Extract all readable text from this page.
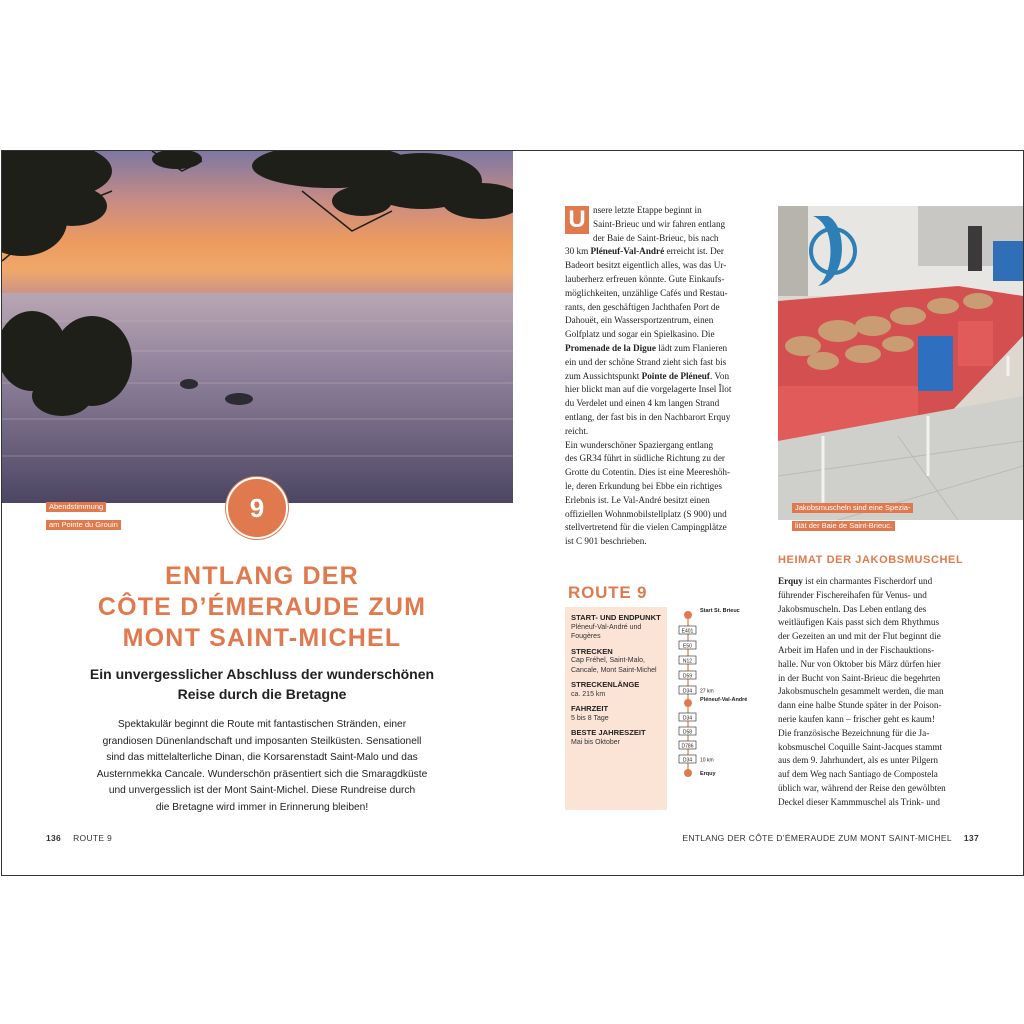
Abendstimmung
am Pointe du Grouin
9
ENTLANG DER
CÔTE D’ÉMERAUDE ZUM
MONT SAINT-MICHEL
Ein unvergesslicher Abschluss der wunderschönen
Reise durch die Bretagne
Spektakulär beginnt die Route mit fantastischen Stränden, einer
grandiosen Dünenlandschaft und imposanten Steilküsten. Sensationell
sind das mittelalterliche Dinan, die Korsarenstadt Saint-Malo und das
Austernmekka Cancale. Wunderschön präsentiert sich die Smaragdküste
und unvergesslich ist der Mont Saint-Michel. Diese Rundreise durch
die Bretagne wird immer in Erinnerung bleiben!
136 ROUTE 9
U nsere letzte Etappe beginnt in
Saint-Brieuc und wir fahren entlang
der Baie de Saint-Brieuc, bis nach
30 km Pléneuf-Val-André erreicht ist. Der
Badeort besitzt eigentlich alles, was das Ur-
lauberherz erfreuen könnte. Gute Einkaufs-
möglichkeiten, unzählige Cafés und Restau-
rants, den geschäftigen Jachthafen Port de
Dahouët, ein Wassersportzentrum, einen
Golfplatz und sogar ein Spielkasino. Die
Promenade de la Digue lädt zum Flanieren
ein und der schöne Strand zieht sich fast bis
zum Aussichtspunkt Pointe de Pléneuf. Von
hier blickt man auf die vorgelagerte Insel Îlot
du Verdelet und einen 4 km langen Strand
entlang, der fast bis in den Nachbarort Erquy
reicht.
Ein wunderschöner Spaziergang entlang
des GR34 führt in südliche Richtung zu der
Grotte du Cotentin. Dies ist eine Meereshöh-
le, deren Erkundung bei Ebbe ein richtiges
Erlebnis ist. Le Val-André besitzt einen
offiziellen Wohnmobilstellplatz (S 900) und
stellvertretend für die vielen Campingplätze
ist C 901 beschrieben.
Jakobsmuscheln sind eine Spezia-
lität der Baie de Saint-Brieuc.
HEIMAT DER JAKOBSMUSCHEL
Erquy ist ein charmantes Fischerdorf und
führender Fischereihafen für Venus- und
Jakobsmuscheln. Das Leben entlang des
weitläufigen Kais passt sich dem Rhythmus
der Gezeiten an und mit der Flut beginnt die
Arbeit im Hafen und in der Fischauktions-
halle. Nur von Oktober bis März dürfen hier
in der Bucht von Saint-Brieuc die begehrten
Jakobsmuscheln gesammelt werden, die man
dann eine halbe Stunde später in der Poison-
nerie kaufen kann – frischer geht es kaum!
Die französische Bezeichnung für die Ja-
kobsmuschel Coquille Saint-Jacques stammt
aus dem 9. Jahrhundert, als es unter Pilgern
auf dem Weg nach Santiago de Compostela
üblich war, während der Reise den gewölbten
Deckel dieser Kammmuschel als Trink- und
ROUTE 9
START- UND ENDPUNKT
Pléneuf-Val-André und Fougères
STRECKEN
Cap Fréhel, Saint-Malo, Cancale, Mont Saint-Michel
STRECKENLÄNGE
ca. 215 km
FAHRZEIT
5 bis 8 Tage
BESTE JAHRESZEIT
Mai bis Oktober
Start St. Brieuc
E401
E50
N12
D59
D34 27 km
Pléneuf-Val-André
D34
D58
D786
D34 10 km
Erquy
ENTLANG DER CÔTE D’ÉMERAUDE ZUM MONT SAINT-MICHEL 137
